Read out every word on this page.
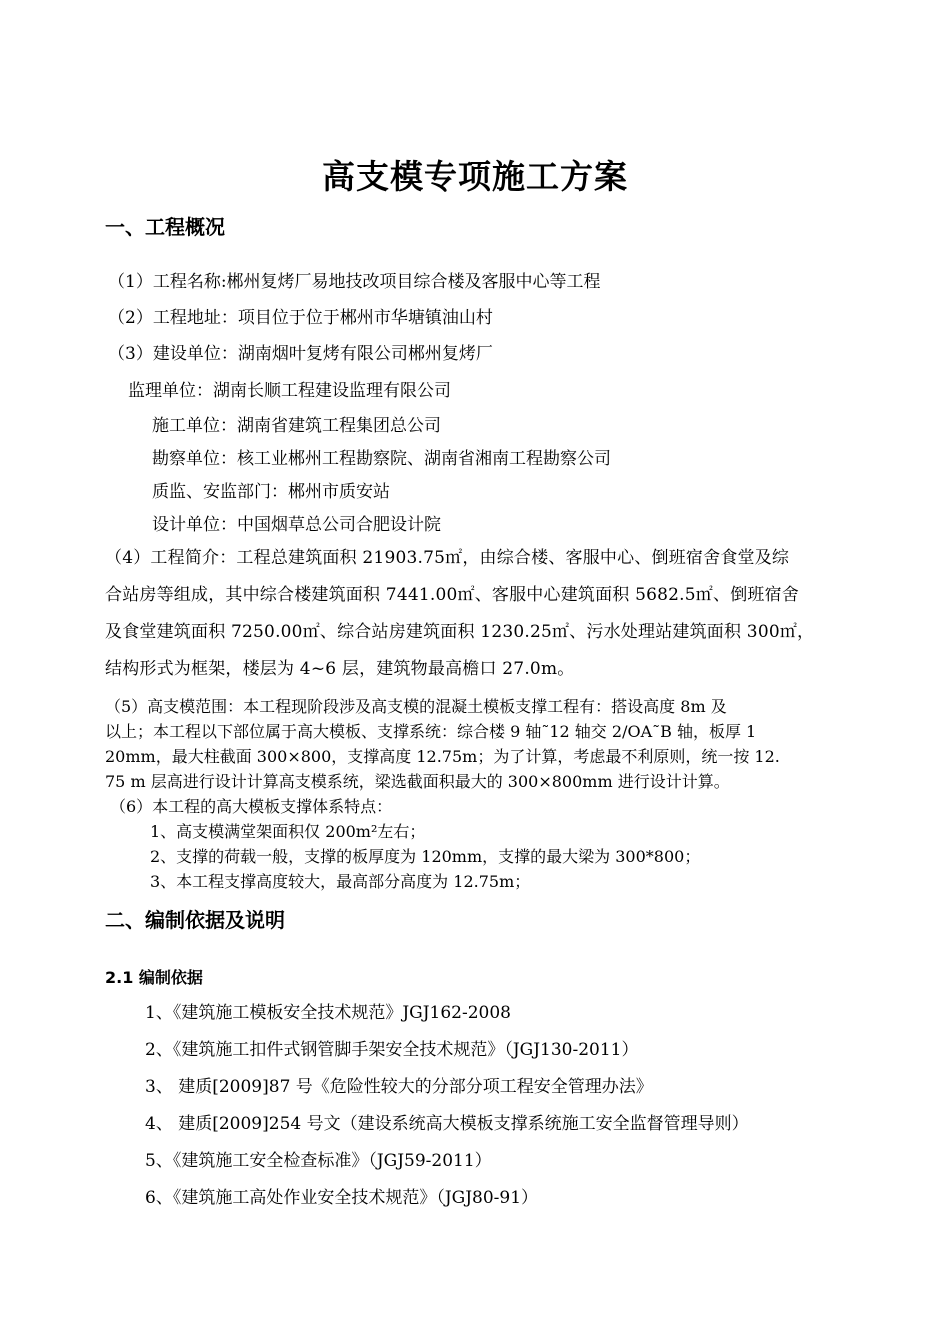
高支模专项施工方案
一、工程概况
（1）工程名称:郴州复烤厂易地技改项目综合楼及客服中心等工程
（2）工程地址：项目位于位于郴州市华塘镇油山村
（3）建设单位：湖南烟叶复烤有限公司郴州复烤厂
监理单位：湖南长顺工程建设监理有限公司
施工单位：湖南省建筑工程集团总公司
勘察单位：核工业郴州工程勘察院、湖南省湘南工程勘察公司
质监、安监部门：郴州市质安站
设计单位：中国烟草总公司合肥设计院
（4）工程简介：工程总建筑面积 21903.75㎡，由综合楼、客服中心、倒班宿舍食堂及综
合站房等组成，其中综合楼建筑面积 7441.00㎡、客服中心建筑面积 5682.5㎡、倒班宿舍
及食堂建筑面积 7250.00㎡、综合站房建筑面积 1230.25㎡、污水处理站建筑面积 300㎡，
结构形式为框架，楼层为 4~6 层，建筑物最高檐口 27.0m。
（5）高支模范围：本工程现阶段涉及高支模的混凝土模板支撑工程有：搭设高度 8m 及
以上；本工程以下部位属于高大模板、支撑系统：综合楼 9 轴˜12 轴交 2/OA˜B 轴，板厚 1
20mm，最大柱截面 300×800，支撑高度 12.75m；为了计算，考虑最不利原则，统一按 12.
75 m 层高进行设计计算高支模系统，梁选截面积最大的 300×800mm 进行设计计算。
（6）本工程的高大模板支撑体系特点：
1、高支模满堂架面积仅 200m²左右；
2、支撑的荷载一般，支撑的板厚度为 120mm，支撑的最大梁为 300*800；
3、本工程支撑高度较大，最高部分高度为 12.75m；
二、编制依据及说明
2.1 编制依据
1、《建筑施工模板安全技术规范》JGJ162-2008
2、《建筑施工扣件式钢管脚手架安全技术规范》（JGJ130-2011）
3、 建质[2009]87 号《危险性较大的分部分项工程安全管理办法》
4、 建质[2009]254 号文（建设系统高大模板支撑系统施工安全监督管理导则）
5、《建筑施工安全检查标准》（JGJ59-2011）
6、《建筑施工高处作业安全技术规范》（JGJ80-91）
